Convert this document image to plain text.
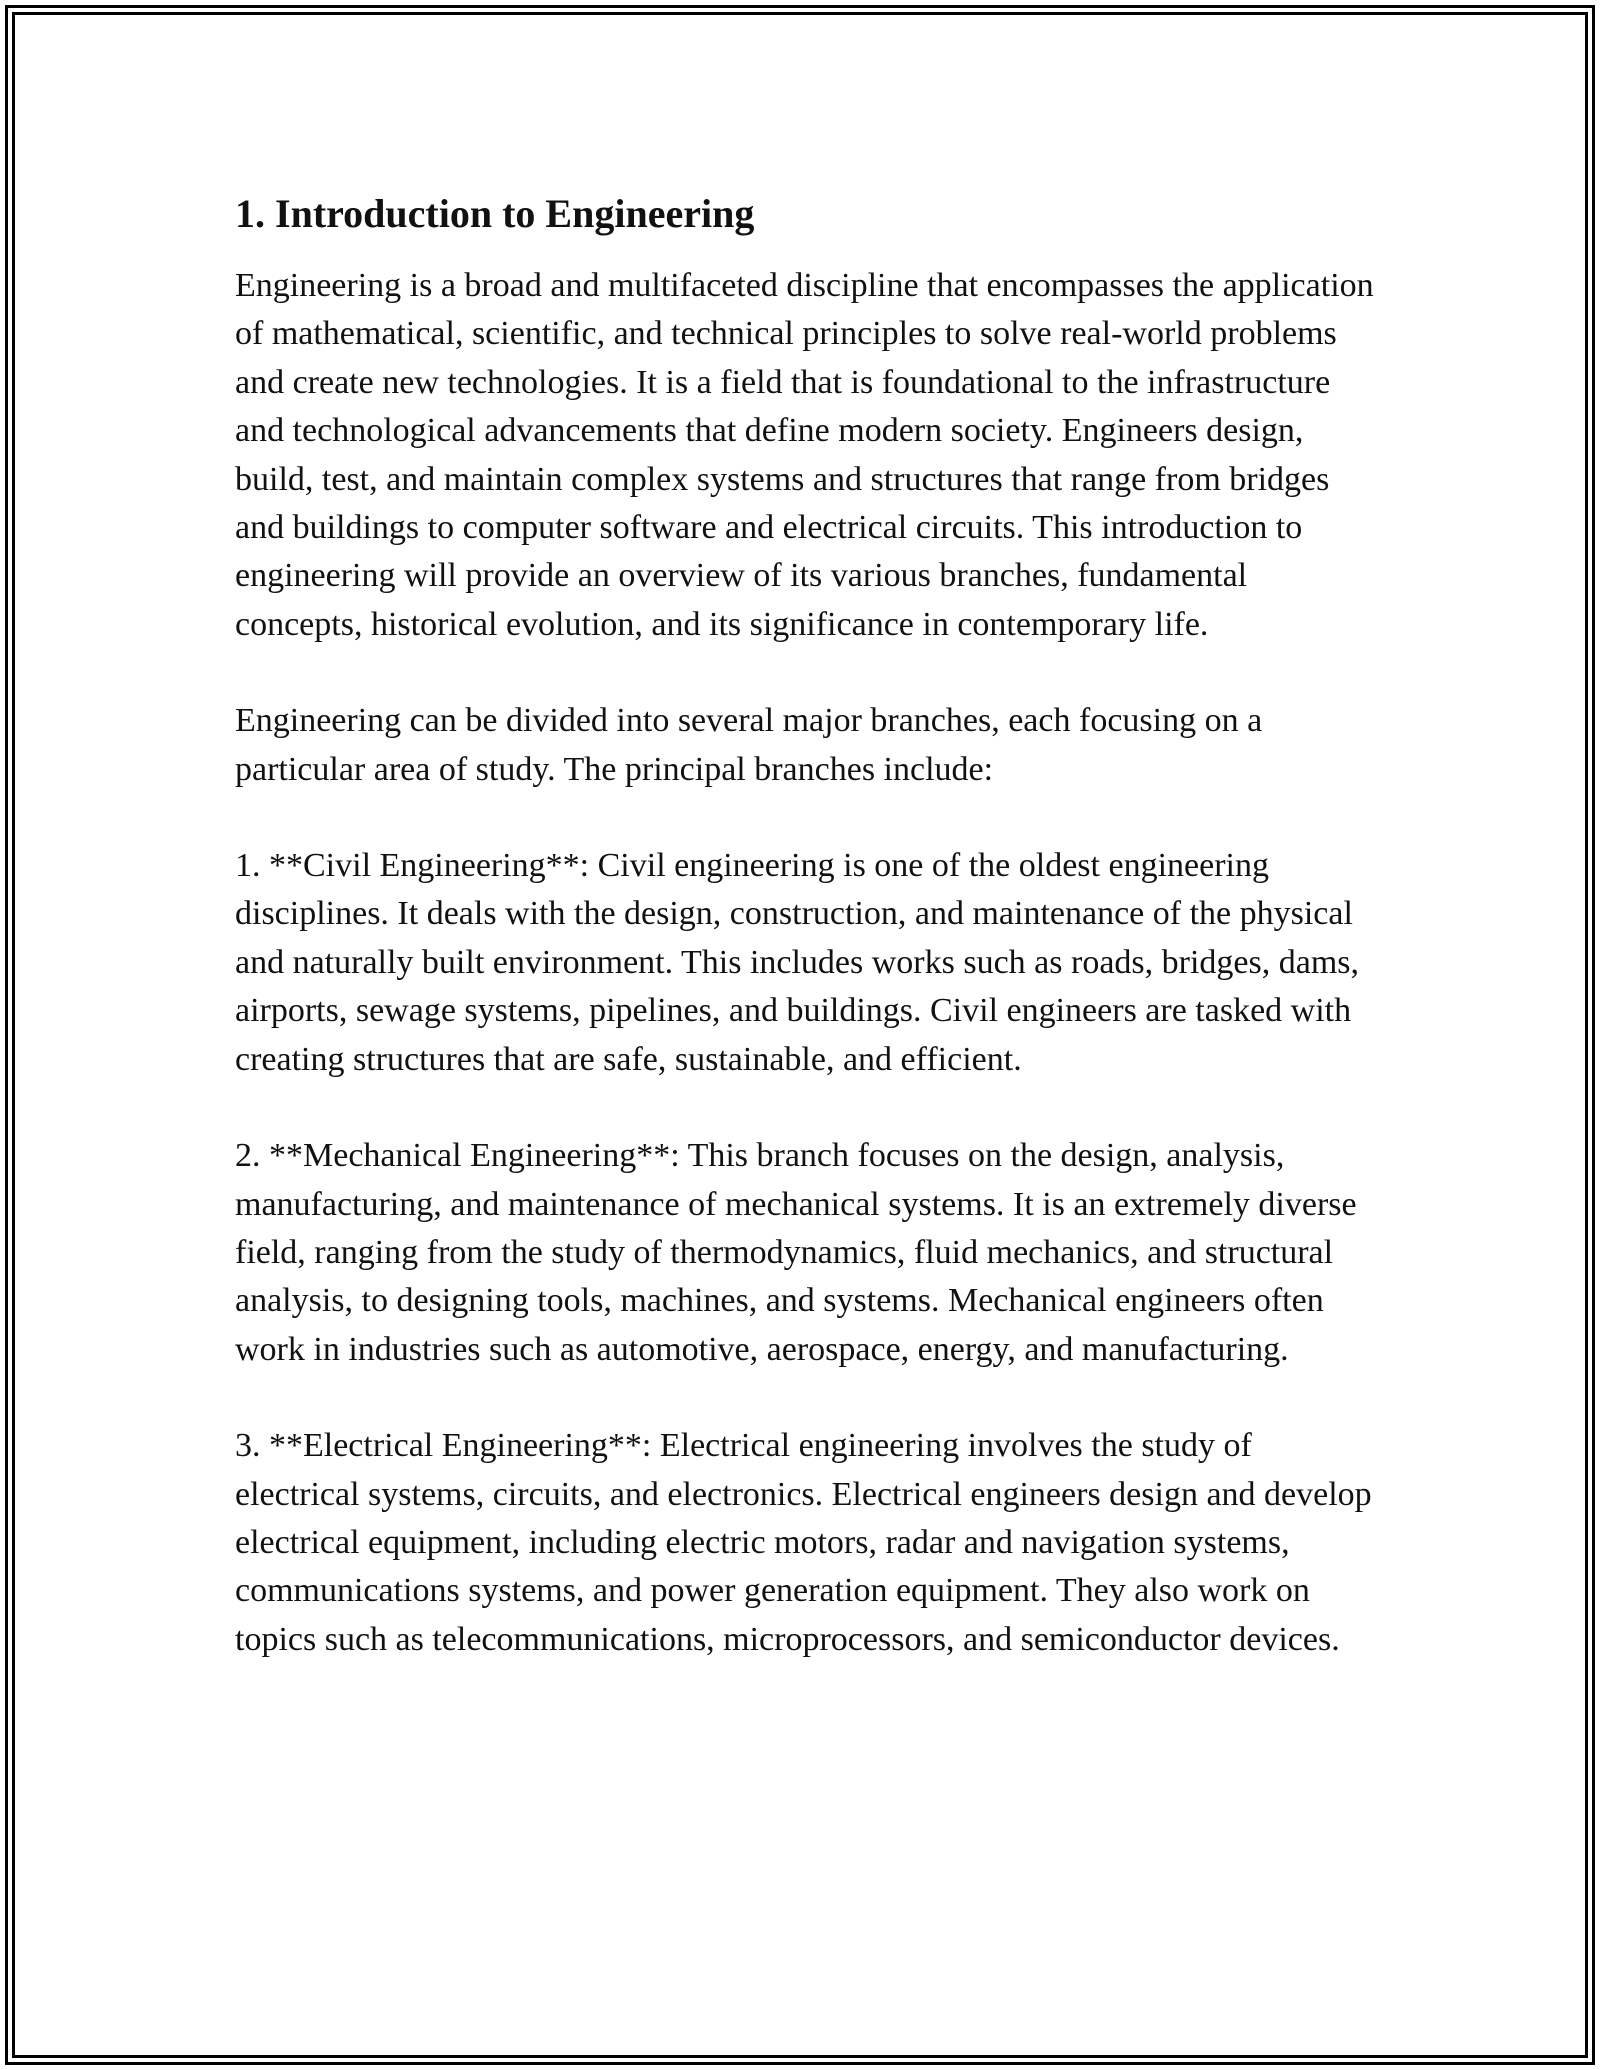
1. Introduction to Engineering

Engineering is a broad and multifaceted discipline that encompasses the application of mathematical, scientific, and technical principles to solve real-world problems and create new technologies. It is a field that is foundational to the infrastructure and technological advancements that define modern society. Engineers design, build, test, and maintain complex systems and structures that range from bridges and buildings to computer software and electrical circuits. This introduction to engineering will provide an overview of its various branches, fundamental concepts, historical evolution, and its significance in contemporary life.

Engineering can be divided into several major branches, each focusing on a particular area of study. The principal branches include:

1. **Civil Engineering**: Civil engineering is one of the oldest engineering disciplines. It deals with the design, construction, and maintenance of the physical and naturally built environment. This includes works such as roads, bridges, dams, airports, sewage systems, pipelines, and buildings. Civil engineers are tasked with creating structures that are safe, sustainable, and efficient.

2. **Mechanical Engineering**: This branch focuses on the design, analysis, manufacturing, and maintenance of mechanical systems. It is an extremely diverse field, ranging from the study of thermodynamics, fluid mechanics, and structural analysis, to designing tools, machines, and systems. Mechanical engineers often work in industries such as automotive, aerospace, energy, and manufacturing.

3. **Electrical Engineering**: Electrical engineering involves the study of electrical systems, circuits, and electronics. Electrical engineers design and develop electrical equipment, including electric motors, radar and navigation systems, communications systems, and power generation equipment. They also work on topics such as telecommunications, microprocessors, and semiconductor devices.
